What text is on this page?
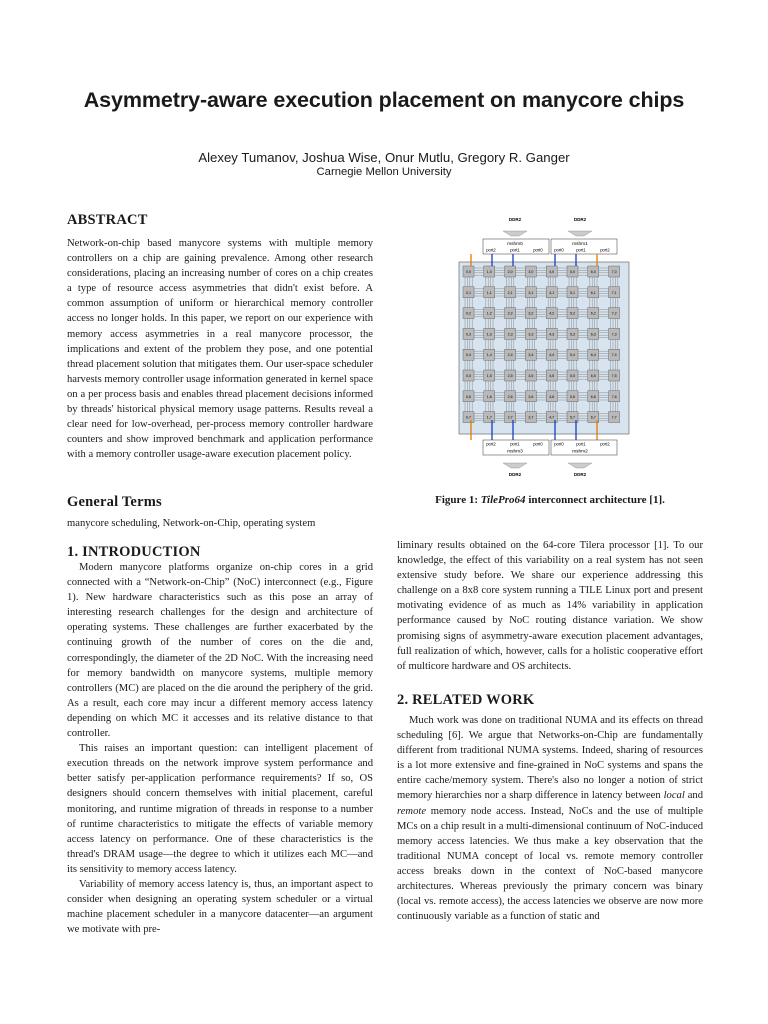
Asymmetry-aware execution placement on manycore chips
Alexey Tumanov, Joshua Wise, Onur Mutlu, Gregory R. Ganger
Carnegie Mellon University
ABSTRACT

Network-on-chip based manycore systems with multiple memory controllers on a chip are gaining prevalence. Among other research considerations, placing an increasing number of cores on a chip creates a type of resource access asymmetries that didn't exist before. A common assumption of uniform or hierarchical memory controller access no longer holds. In this paper, we report on our experience with memory access asymmetries in a real manycore processor, the implications and extent of the problem they pose, and one potential thread placement solution that mitigates them. Our user-space scheduler harvests memory controller usage information generated in kernel space on a per process basis and enables thread placement decisions informed by threads' historical physical memory usage patterns. Results reveal a clear need for low-overhead, per-process memory controller hardware counters and show improved benchmark and application performance with a memory controller usage-aware execution placement policy.

General Terms

manycore scheduling, Network-on-Chip, operating system

1. INTRODUCTION

Modern manycore platforms organize on-chip cores in a grid connected with a “Network-on-Chip” (NoC) interconnect (e.g., Figure 1). New hardware characteristics such as this pose an array of interesting research challenges for the design and architecture of operating systems. These challenges are further exacerbated by the continuing growth of the number of cores on the die and, correspondingly, the diameter of the 2D NoC. With the increasing need for memory bandwidth on manycore systems, multiple memory controllers (MC) are placed on the die around the periphery of the grid. As a result, each core may incur a different memory access latency depending on which MC it accesses and its relative distance to that controller.

This raises an important question: can intelligent placement of execution threads on the network improve system performance and better satisfy per-application performance requirements? If so, OS designers should concern themselves with initial placement, careful monitoring, and runtime migration of threads in response to a number of runtime characteristics to mitigate the effects of variable memory access latency on performance. One of these characteristics is the thread's DRAM usage—the degree to which it utilizes each MC—and its sensitivity to memory access latency.

Variability of memory access latency is, thus, an important aspect to consider when designing an operating system scheduler or a virtual machine placement scheduler in a manycore datacenter—an argument we motivate with pre-

liminary results obtained on the 64-core Tilera processor [1]. To our knowledge, the effect of this variability on a real system has not seen extensive study before. We share our experience addressing this challenge on a 8x8 core system running a TILE Linux port and present motivating evidence of as much as 14% variability in application performance caused by NoC routing distance variation. We show promising signs of asymmetry-aware execution placement advantages, full realization of which, however, calls for a holistic cooperative effort of multicore hardware and OS architects.

2. RELATED WORK

Much work was done on traditional NUMA and its effects on thread scheduling [6]. We argue that Networks-on-Chip are fundamentally different from traditional NUMA systems. Indeed, sharing of resources is a lot more extensive and fine-grained in NoC systems and spans the entire cache/memory system. There's also no longer a notion of strict memory hierarchies nor a sharp difference in latency between local and remote memory node access. Instead, NoCs and the use of multiple MCs on a chip result in a multi-dimensional continuum of NoC-induced memory access latencies. We thus make a key observation that the traditional NUMA concept of local vs. remote memory controller access breaks down in the context of NoC-based manycore architectures. Whereas previously the primary concern was binary (local vs. remote access), the access latencies we observe are now more continuously variable as a function of static and

DDR2	DDR2
mshm0
port2	port1	port0
mshm1
port0	port1	port2
0,0	1,0	2,0	3,0	4,0	5,0	6,0	7,0
0,1	1,1	2,1	3,1	4,1	5,1	6,1	7,1
0,2	1,2	2,2	3,2	4,2	5,2	6,2	7,2
0,3	1,3	2,3	3,3	4,3	5,3	6,3	7,3
0,4	1,4	2,4	3,4	4,4	5,4	6,4	7,4
0,5	1,5	2,5	3,5	4,5	5,5	6,5	7,5
0,6	1,6	2,6	3,6	4,6	5,6	6,6	7,6
0,7	1,7	2,7	3,7	4,7	5,7	6,7	7,7
port2	port1	port0
mshm3
port0	port1	port2
mshm2
DDR2	DDR2
Figure 1: TilePro64 interconnect architecture [1].
